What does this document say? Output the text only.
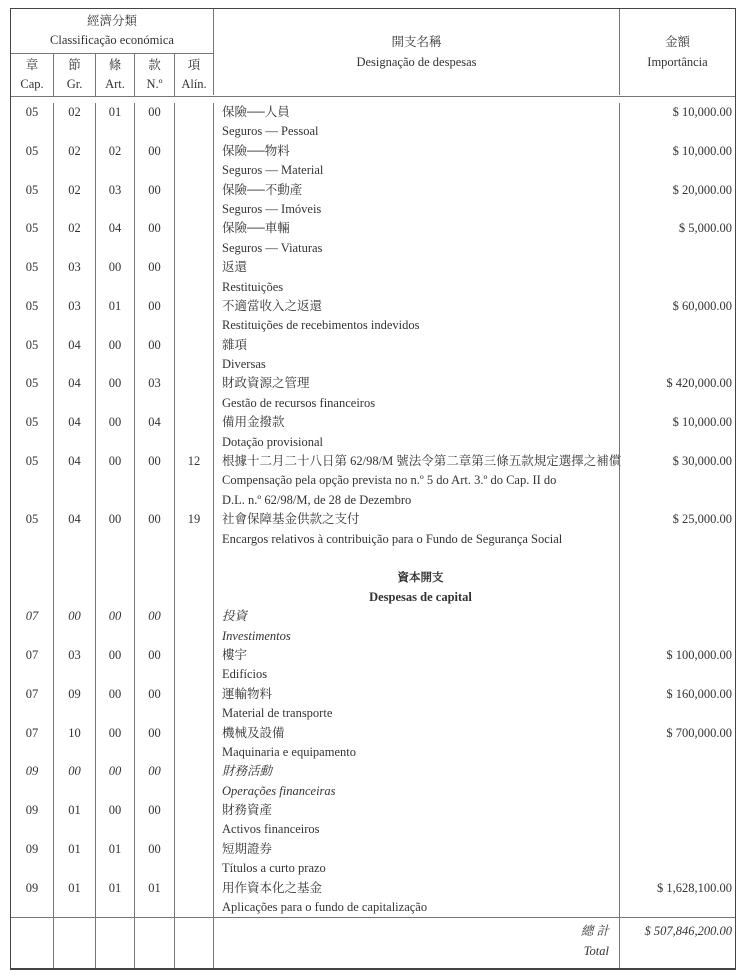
經濟分類
Classificação económica
章
Cap.
節
Gr.
條
Art.
款
N.º
項
Alín.
開支名稱
Designação de despesas
金額
Importância
05
05
05
05
05
05
05
05
05
05
05
07
07
07
07
09
09
09
09
02
02
02
02
03
03
04
04
04
04
04
00
03
09
10
00
01
01
01
01
02
03
04
00
01
00
00
00
00
00
00
00
00
00
00
00
01
01
00
00
00
00
00
00
00
03
04
00
00
00
00
00
00
00
00
00
01
12
19
保險──人員
Seguros — Pessoal
保險──物料
Seguros — Material
保險──不動產
Seguros — Imóveis
保險──車輛
Seguros — Viaturas
返還
Restituições
不適當收入之返還
Restituições de recebimentos indevidos
雜項
Diversas
財政資源之管理
Gestão de recursos financeiros
備用金撥款
Dotação provisional
根據十二月二十八日第 62/98/M 號法令第二章第三條五款規定選擇之補償
Compensação pela opção prevista no n.º 5 do Art. 3.º do Cap. II do
D.L. n.º 62/98/M, de 28 de Dezembro
社會保障基金供款之支付
Encargos relativos à contribuição para o Fundo de Segurança Social
資本開支
Despesas de capital
投資
Investimentos
樓宇
Edifícios
運輸物料
Material de transporte
機械及設備
Maquinaria e equipamento
財務活動
Operações financeiras
財務資產
Activos financeiros
短期證券
Títulos a curto prazo
用作資本化之基金
Aplicações para o fundo de capitalização
$ 10,000.00
$ 10,000.00
$ 20,000.00
$ 5,000.00
$ 60,000.00
$ 420,000.00
$ 10,000.00
$ 30,000.00
$ 25,000.00
$ 100,000.00
$ 160,000.00
$ 700,000.00
$ 1,628,100.00
總 計
Total
$ 507,846,200.00
